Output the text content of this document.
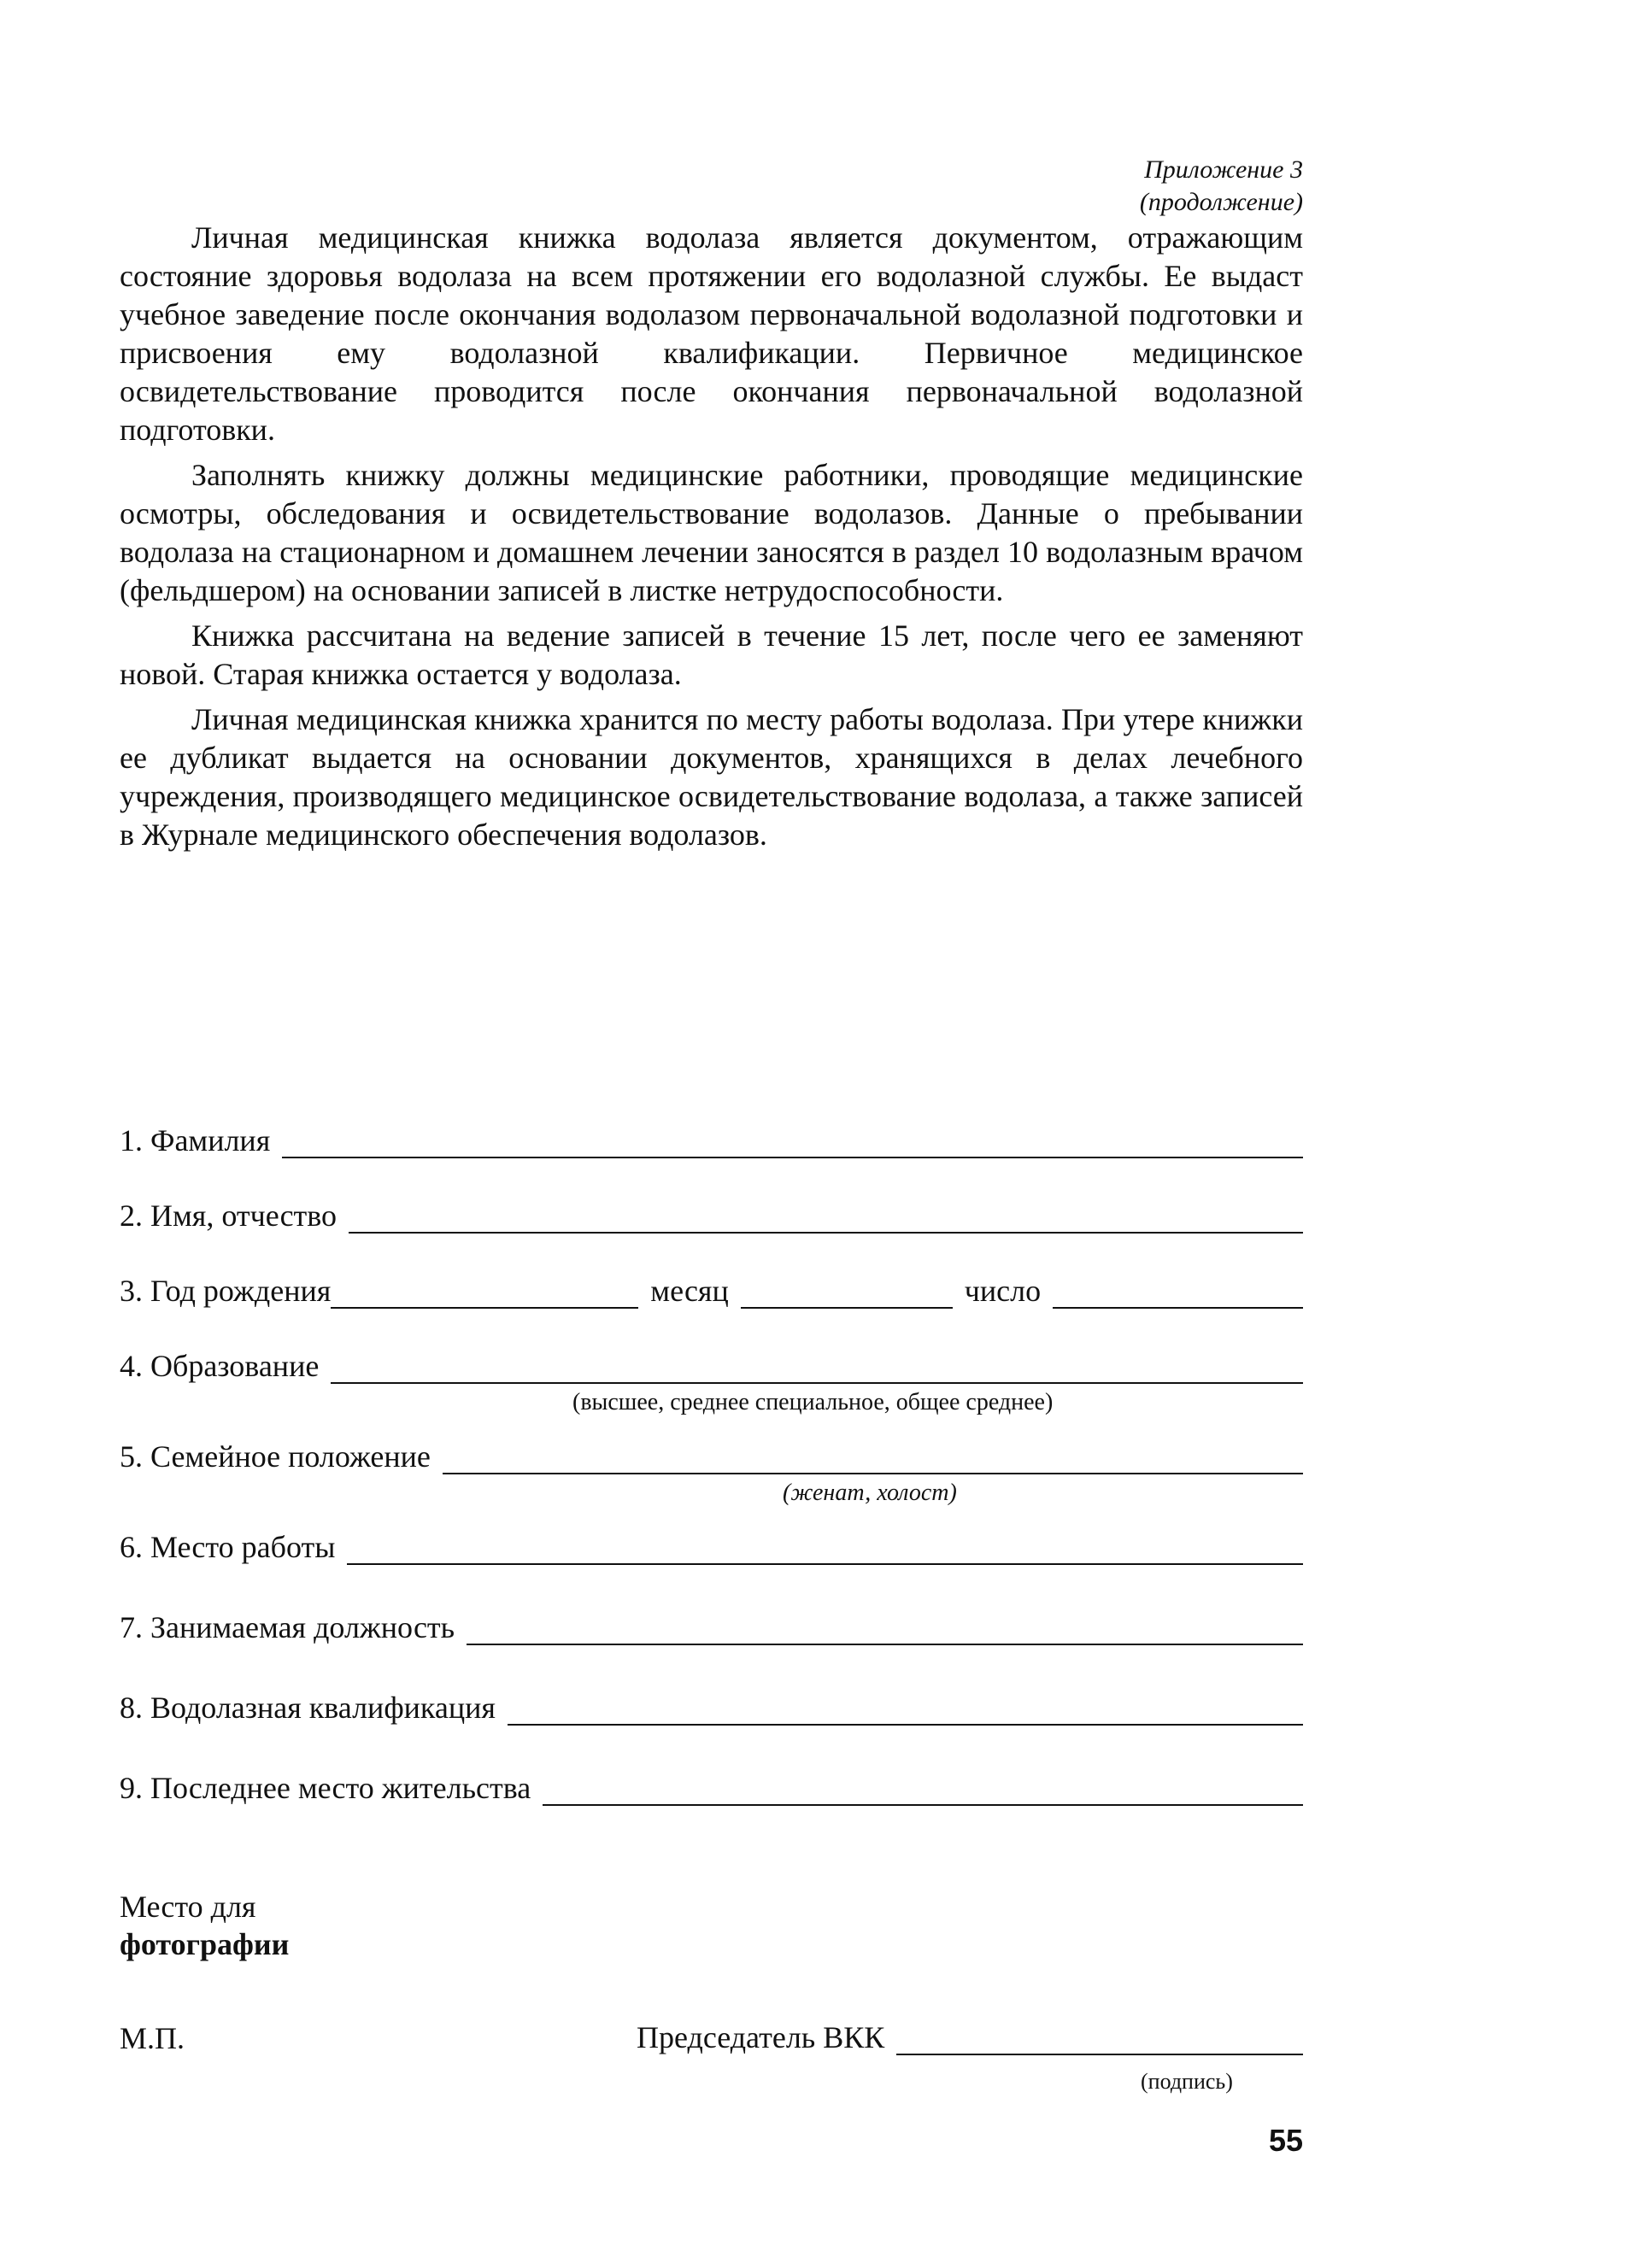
Приложение 3
(продолжение)

Личная медицинская книжка водолаза является документом, отражающим состояние здоровья водолаза на всем протяжении его водолазной службы. Ее выдаст учебное заведение после окончания водолазом первоначальной водолазной подготовки и присвоения ему водолазной квалификации. Первичное медицинское освидетельствование проводится после окончания первоначальной водолазной подготовки.

Заполнять книжку должны медицинские работники, проводящие медицинские осмотры, обследования и освидетельствование водолазов. Данные о пребывании водолаза на стационарном и домашнем лечении заносятся в раздел 10 водолазным врачом (фельдшером) на основании записей в листке нетрудоспособности.

Книжка рассчитана на ведение записей в течение 15 лет, после чего ее заменяют новой. Старая книжка остается у водолаза.

Личная медицинская книжка хранится по месту работы водолаза. При утере книжки ее дубликат выдается на основании документов, хранящихся в делах лечебного учреждения, производящего медицинское освидетельствование водолаза, а также записей в Журнале медицинского обеспечения водолазов.

1. Фамилия
2. Имя, отчество
3. Год рождения	месяц	число
4. Образование
(высшее, среднее специальное, общее среднее)
5. Семейное положение
(женат, холост)
6. Место работы
7. Занимаемая должность
8. Водолазная квалификация
9. Последнее место жительства
Место для
фотографии
М.П.	Председатель ВКК
(подпись)
55
